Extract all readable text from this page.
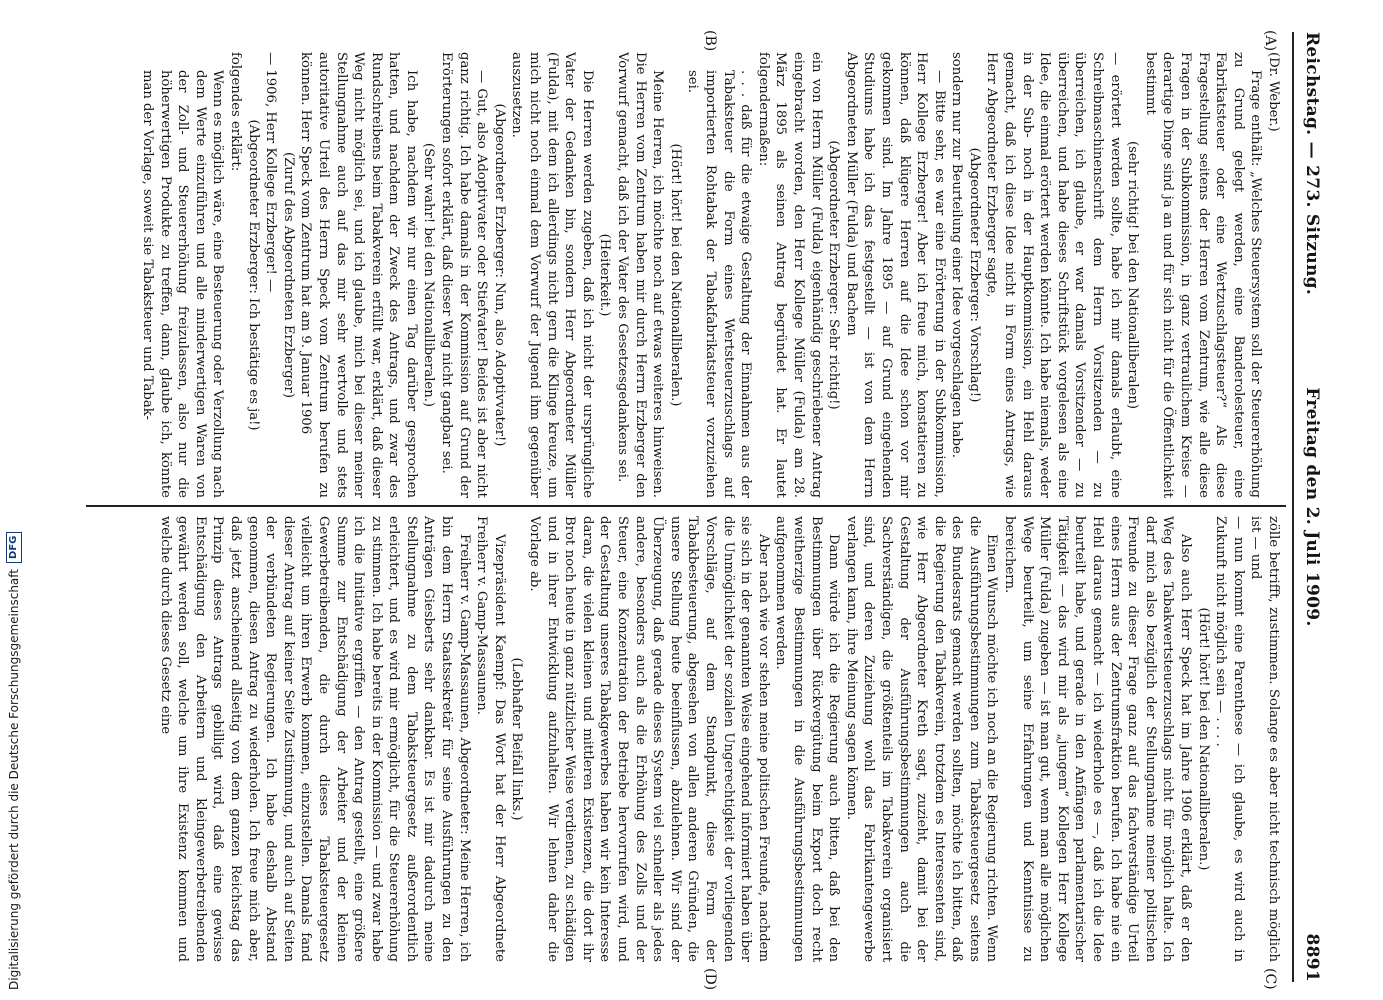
Reichstag. — 273. Sitzung.
Freitag den 2. Juli 1909.
8891
(A)
(B)
(C)
(D)

(Dr. Weber.)

Frage enthält: „Welches Steuersystem soll der Steuererhöhung zu Grund gelegt werden, eine Banderolesteuer, eine Fabrikatsteuer oder eine Wertzuschlagsteuer?“ Als diese Fragestellung seitens der Herren vom Zentrum, wie alle diese Fragen in der Subkommission, in ganz vertraulichem Kreise — derartige Dinge sind ja an und für sich nicht für die Öffentlichkeit bestimmt

(sehr richtig! bei den Nationalliberalen)

— erörtert werden sollte, habe ich mir damals erlaubt, eine Schreibmaschinenschrift dem Herrn Vorsitzenden — zu überreichen, ich glaube, er war damals Vorsitzender — zu überreichen, und habe dieses Schriftstück vorgelesen als eine Idee, die einmal erörtert werden könnte. Ich habe niemals, weder in der Sub- noch in der Hauptkommission, ein Hehl daraus gemacht, daß ich diese Idee nicht in Form eines Antrags, wie Herr Abgeordneter Erzberger sagte,

(Abgeordneter Erzberger: Vorschlag!)

sondern nur zur Beurteilung einer Idee vorgeschlagen habe.

— Bitte sehr, es war eine Erörterung in der Subkommission, Herr Kollege Erzberger! Aber ich freue mich, konstatieren zu können, daß klügere Herren auf die Idee schon vor mir gekommen sind. Im Jahre 1895 — auf Grund eingehenden Studiums habe ich das festgestellt — ist von dem Herrn Abgeordneten Müller (Fulda) und Bachem

(Abgeordneter Erzberger: Sehr richtig!)

ein von Herrn Müller (Fulda) eigenhändig geschriebener Antrag eingebracht worden, den Herr Kollege Müller (Fulda) am 28. März 1895 als seinen Antrag begründet hat. Er lautet folgendermaßen:

. . . daß für die etwaige Gestaltung der Einnahmen aus der Tabaksteuer die Form eines Wertsteuerzuschlags auf importierten Rohtabak der Tabakfabrikatsteuer vorzuziehen sei.

(Hört! hört! bei den Nationalliberalen.)

Meine Herren, ich möchte noch auf etwas weiteres hinweisen. Die Herren vom Zentrum haben mir durch Herrn Erzberger den Vorwurf gemacht, daß ich der Vater des Gesetzesgedankens sei.

(Heiterkeit.)

Die Herren werden zugeben, daß ich nicht der ursprüngliche Vater der Gedanken bin, sondern Herr Abgeordneter Müller (Fulda), mit dem ich allerdings nicht gern die Klinge kreuze, um mich nicht noch einmal dem Vorwurf der Jugend ihm gegenüber auszusetzen.

(Abgeordneter Erzberger: Nun, also Adoptivvater!)

— Gut, also Adoptivvater oder Stiefvater! Beides ist aber nicht ganz richtig. Ich habe damals in der Kommission auf Grund der Erörterungen sofort erklärt, daß dieser Weg nicht gangbar sei.

(Sehr wahr! bei den Nationalliberalen.)

Ich habe, nachdem wir nur einen Tag darüber gesprochen hatten, und nachdem der Zweck des Antrags, und zwar des Rundschreibens beim Tabakverein erfüllt war, erklärt, daß dieser Weg nicht möglich sei, und ich glaube, mich bei dieser meiner Stellungnahme auch auf das mir sehr wertvolle und stets autoritative Urteil des Herrn Speck vom Zentrum berufen zu können. Herr Speck vom Zentrum hat am 9. Januar 1906

(Zuruf des Abgeordneten Erzberger)

— 1906, Herr Kollege Erzberger! —

(Abgeordneter Erzberger: Ich bestätige es ja!)

folgendes erklärt:

Wenn es möglich wäre, eine Besteuerung oder Verzollung nach dem Werte einzuführen und alle minderwertigen Waren von der Zoll- und Steuererhöhung freizulassen, also nur die höherwertigen Produkte zu treffen, dann, glaube ich, könnte man der Vorlage, soweit sie Tabaksteuer und Tabak-

zölle betrifft, zustimmen. Solange es aber nicht technisch möglich ist — und

— nun kommt eine Parenthese — ich glaube, es wird auch in Zukunft nicht möglich sein — . . . .

(Hört! hört! bei den Nationalliberalen.)

Also auch Herr Speck hat im Jahre 1906 erklärt, daß er den Weg des Tabakwertsteuerzuschlags nicht für möglich halte. Ich darf mich also bezüglich der Stellungnahme meiner politischen Freunde zu dieser Frage ganz auf das fachverständige Urteil eines Herrn aus der Zentrumsfraktion berufen. Ich habe nie ein Hehl daraus gemacht — ich wiederhole es —, daß ich die Idee beurteilt habe, und gerade in den Anfängen parlamentarischer Tätigkeit — das wird mir als „jungem“ Kollegen Herr Kollege Müller (Fulda) zugeben — ist man gut, wenn man alle möglichen Wege beurteilt, um seine Erfahrungen und Kenntnisse zu bereichern.

Einen Wunsch möchte ich noch an die Regierung richten. Wenn die Ausführungsbestimmungen zum Tabaksteuergesetz seitens des Bundesrats gemacht werden sollten, möchte ich bitten, daß die Regierung den Tabakverein, trotzdem es Interessenten sind, wie Herr Abgeordneter Kreth sagt, zuzieht, damit bei der Gestaltung der Ausführungsbestimmungen auch die Sachverständigen, die größtenteils im Tabakverein organisiert sind, und deren Zuziehung wohl das Fabrikantengewerbe verlangen kann, ihre Meinung sagen können.

Dann würde ich die Regierung auch bitten, daß bei den Bestimmungen über Rückvergütung beim Export doch recht weitherzige Bestimmungen in die Ausführungsbestimmungen aufgenommen werden.

Aber nach wie vor stehen meine politischen Freunde, nachdem sie sich in der genannten Weise eingehend informiert haben über die Unmöglichkeit der sozialen Ungerechtigkeit der vorliegenden Vorschläge, auf dem Standpunkt, diese Form der Tabakbesteuerung, abgesehen von allen anderen Gründen, die unsere Stellung heute beeinflussen, abzulehnen. Wir sind der Überzeugung, daß gerade dieses System viel schneller als jedes andere, besonders auch als die Erhöhung des Zolls und der Steuer, eine Konzentration der Betriebe hervorrufen wird, und der Gestaltung unseres Tabakgewerbes haben wir kein Interesse daran, die vielen kleinen und mittleren Existenzen, die dort ihr Brot noch heute in ganz nützlicher Weise verdienen, zu schädigen und in ihrer Entwicklung aufzuhalten. Wir lehnen daher die Vorlage ab.

(Lebhafter Beifall links.)

Vizepräsident Kaempf: Das Wort hat der Herr Abgeordnete Freiherr v. Gamp-Massaunen.

Freiherr v. Gamp-Massaunen, Abgeordneter: Meine Herren, ich bin dem Herrn Staatssekretär für seine Ausführungen zu den Anträgen Giesberts sehr dankbar. Es ist mir dadurch meine Stellungnahme zu dem Tabaksteuergesetz außerordentlich erleichtert, und es wird mir ermöglicht, für die Steuererhöhung zu stimmen. Ich habe bereits in der Kommission — und zwar habe ich die Initiative ergriffen — den Antrag gestellt, eine größere Summe zur Entschädigung der Arbeiter und der kleinen Gewerbetreibenden, die durch dieses Tabaksteuergesetz vielleicht um ihren Erwerb kommen, einzustellen. Damals fand dieser Antrag auf keiner Seite Zustimmung, und auch auf Seiten der verbündeten Regierungen. Ich habe deshalb Abstand genommen, diesen Antrag zu wiederholen. Ich freue mich aber, daß jetzt anscheinend allseitig von dem ganzen Reichstag das Prinzip dieses Antrags gebilligt wird, daß eine gewisse Entschädigung den Arbeitern und kleingewerbetreibenden gewährt werden soll, welche um ihre Existenz kommen und welche durch dieses Gesetz eine

Digitalisierung gefördert durch die Deutsche Forschungsgemeinschaft
DFG
